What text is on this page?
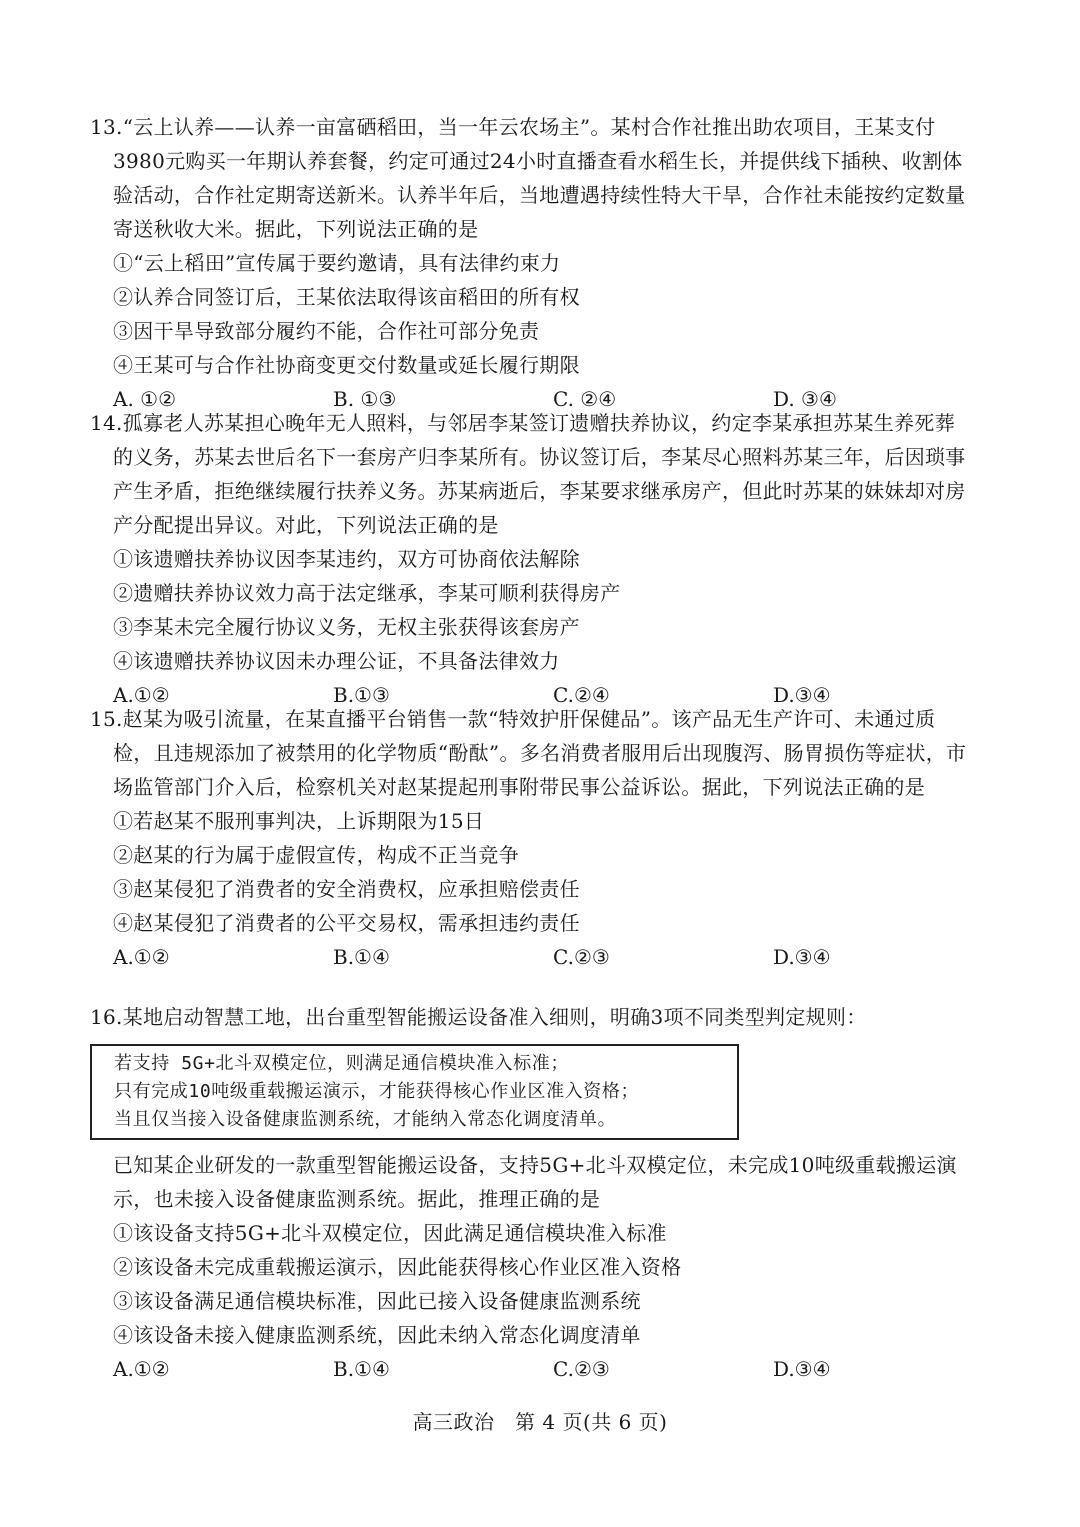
13.“云上认养——认养一亩富硒稻田，当一年云农场主”。某村合作社推出助农项目，王某支付3980元购买一年期认养套餐，约定可通过24小时直播查看水稻生长，并提供线下插秧、收割体验活动，合作社定期寄送新米。认养半年后，当地遭遇持续性特大干旱，合作社未能按约定数量寄送秋收大米。据此，下列说法正确的是

①“云上稻田”宣传属于要约邀请，具有法律约束力

②认养合同签订后，王某依法取得该亩稻田的所有权

③因干旱导致部分履约不能，合作社可部分免责

④王某可与合作社协商变更交付数量或延长履行期限

A. ①②	B. ①③	C. ②④	D. ③④

14.孤寡老人苏某担心晚年无人照料，与邻居李某签订遗赠扶养协议，约定李某承担苏某生养死葬的义务，苏某去世后名下一套房产归李某所有。协议签订后，李某尽心照料苏某三年，后因琐事产生矛盾，拒绝继续履行扶养义务。苏某病逝后，李某要求继承房产，但此时苏某的妹妹却对房产分配提出异议。对此，下列说法正确的是

①该遗赠扶养协议因李某违约，双方可协商依法解除

②遗赠扶养协议效力高于法定继承，李某可顺利获得房产

③李某未完全履行协议义务，无权主张获得该套房产

④该遗赠扶养协议因未办理公证，不具备法律效力

A.①②	B.①③	C.②④	D.③④

15.赵某为吸引流量，在某直播平台销售一款“特效护肝保健品”。该产品无生产许可、未通过质检，且违规添加了被禁用的化学物质“酚酞”。多名消费者服用后出现腹泻、肠胃损伤等症状，市场监管部门介入后，检察机关对赵某提起刑事附带民事公益诉讼。据此，下列说法正确的是

①若赵某不服刑事判决，上诉期限为15日

②赵某的行为属于虚假宣传，构成不正当竞争

③赵某侵犯了消费者的安全消费权，应承担赔偿责任

④赵某侵犯了消费者的公平交易权，需承担违约责任

A.①②	B.①④	C.②③	D.③④

16.某地启动智慧工地，出台重型智能搬运设备准入细则，明确3项不同类型判定规则：

若支持 5G+北斗双模定位，则满足通信模块准入标准；
只有完成10吨级重载搬运演示，才能获得核心作业区准入资格；
当且仅当接入设备健康监测系统，才能纳入常态化调度清单。

已知某企业研发的一款重型智能搬运设备，支持5G+北斗双模定位，未完成10吨级重载搬运演示，也未接入设备健康监测系统。据此，推理正确的是

①该设备支持5G+北斗双模定位，因此满足通信模块准入标准

②该设备未完成重载搬运演示，因此能获得核心作业区准入资格

③该设备满足通信模块标准，因此已接入设备健康监测系统

④该设备未接入健康监测系统，因此未纳入常态化调度清单

A.①②	B.①④	C.②③	D.③④
高三政治　第 4 页(共 6 页)
